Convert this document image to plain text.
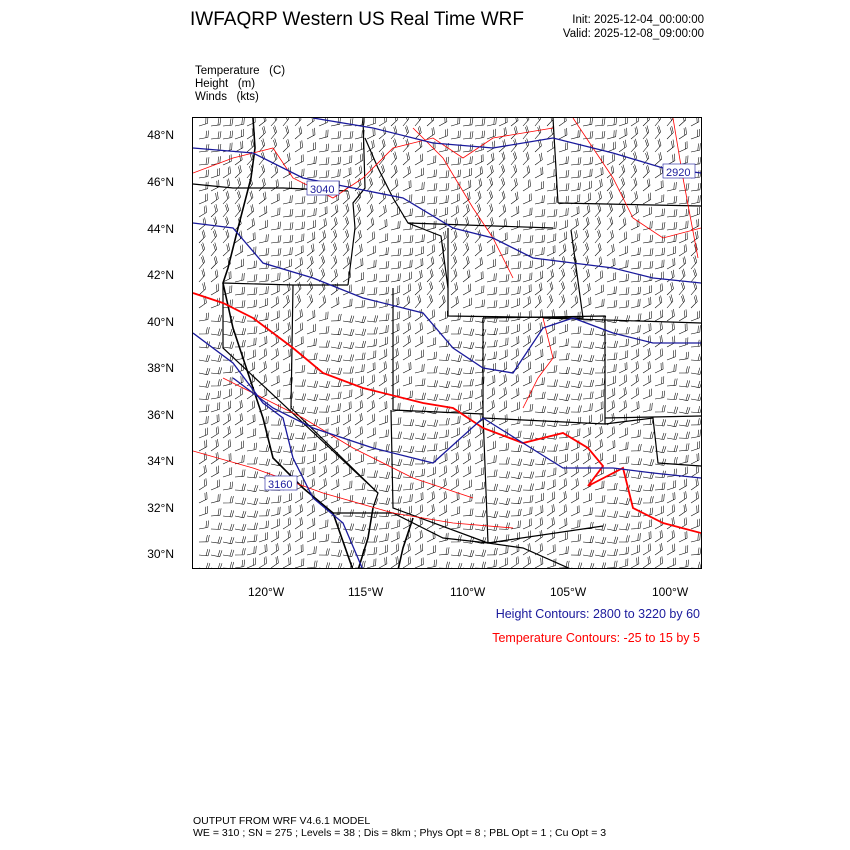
IWFAQRP Western US Real Time WRF	Init: 2025-12-04_00:00:00
Valid: 2025-12-08_09:00:00
Temperature   (C)
Height   (m)
Winds   (kts)
3040
2920
3160
48°N
46°N
44°N
42°N
40°N
38°N
36°N
34°N
32°N
30°N
120°W	115°W	110°W	105°W	100°W
Height Contours: 2800 to 3220 by 60
Temperature Contours: -25 to 15 by 5
OUTPUT FROM WRF V4.6.1 MODEL
WE = 310 ; SN = 275 ; Levels = 38 ; Dis = 8km ; Phys Opt = 8 ; PBL Opt = 1 ; Cu Opt = 3
